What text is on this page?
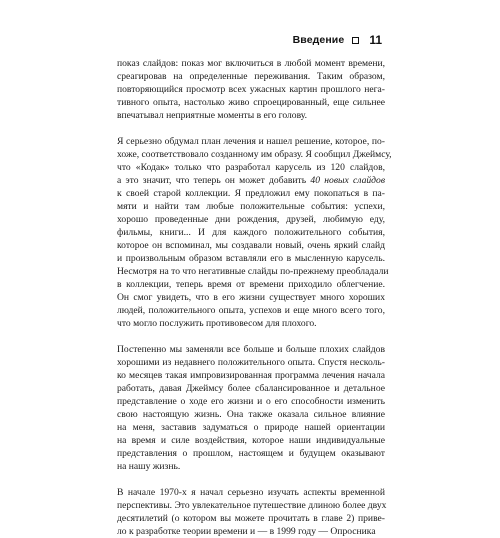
Введение 11

показ слайдов: показ мог включиться в любой момент времени,
среагировав на определенные переживания. Таким образом,
повторяющийся просмотр всех ужасных картин прошлого нега-
тивного опыта, настолько живо спроецированный, еще сильнее
впечатывал неприятные моменты в его голову.

Я серьезно обдумал план лечения и нашел решение, которое, по-
хоже, соответствовало созданному им образу. Я сообщил Джеймсу,
что «Кодак» только что разработал карусель из 120 слайдов,
а это значит, что теперь он может добавить 40 новых слайдов
к своей старой коллекции. Я предложил ему покопаться в па-
мяти и найти там любые положительные события: успехи,
хорошо проведенные дни рождения, друзей, любимую еду,
фильмы, книги... И для каждого положительного события,
которое он вспоминал, мы создавали новый, очень яркий слайд
и произвольным образом вставляли его в мысленную карусель.
Несмотря на то что негативные слайды по-прежнему преобладали
в коллекции, теперь время от времени приходило облегчение.
Он смог увидеть, что в его жизни существует много хороших
людей, положительного опыта, успехов и еще много всего того,
что могло послужить противовесом для плохого.

Постепенно мы заменяли все больше и больше плохих слайдов
хорошими из недавнего положительного опыта. Спустя несколь-
ко месяцев такая импровизированная программа лечения начала
работать, давая Джеймсу более сбалансированное и детальное
представление о ходе его жизни и о его способности изменить
свою настоящую жизнь. Она также оказала сильное влияние
на меня, заставив задуматься о природе нашей ориентации
на время и силе воздействия, которое наши индивидуальные
представления о прошлом, настоящем и будущем оказывают
на нашу жизнь.

В начале 1970-х я начал серьезно изучать аспекты временной
перспективы. Это увлекательное путешествие длиною более двух
десятилетий (о котором вы можете прочитать в главе 2) приве-
ло к разработке теории времени и — в 1999 году — Опросника
